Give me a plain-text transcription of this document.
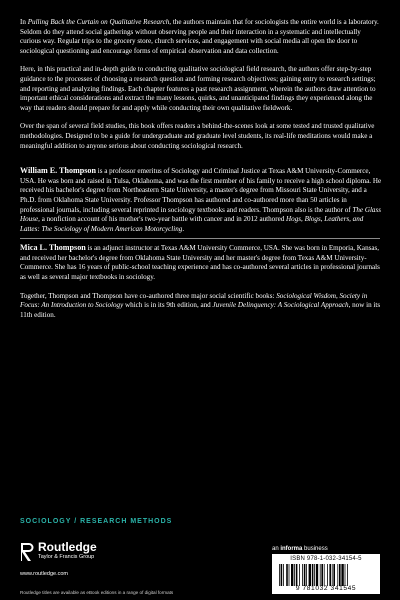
In Pulling Back the Curtain on Qualitative Research, the authors maintain that for sociologists the entire world is a laboratory. Seldom do they attend social gatherings without observing people and their interaction in a systematic and intellectually curious way. Regular trips to the grocery store, church services, and engagement with social media all open the door to sociological questioning and encourage forms of empirical observation and data collection.

Here, in this practical and in-depth guide to conducting qualitative sociological field research, the authors offer step-by-step guidance to the processes of choosing a research question and forming research objectives; gaining entry to research settings; and reporting and analyzing findings. Each chapter features a past research assignment, wherein the authors draw attention to important ethical considerations and extract the many lessons, quirks, and unanticipated findings they experienced along the way that readers should prepare for and apply while conducting their own qualitative fieldwork.

Over the span of several field studies, this book offers readers a behind-the-scenes look at some tested and trusted qualitative methodologies. Designed to be a guide for undergraduate and graduate level students, its real-life meditations would make a meaningful addition to anyone serious about conducting sociological research.

William E. Thompson is a professor emeritus of Sociology and Criminal Justice at Texas A&M University-Commerce, USA. He was born and raised in Tulsa, Oklahoma, and was the first member of his family to receive a high school diploma. He received his bachelor's degree from Northeastern State University, a master's degree from Missouri State University, and a Ph.D. from Oklahoma State University. Professor Thompson has authored and co-authored more than 50 articles in professional journals, including several reprinted in sociology textbooks and readers. Thompson also is the author of The Glass House, a nonfiction account of his mother's two-year battle with cancer and in 2012 authored Hogs, Blogs, Leathers, and Lattes: The Sociology of Modern American Motorcycling.

Mica L. Thompson is an adjunct instructor at Texas A&M University Commerce, USA. She was born in Emporia, Kansas, and received her bachelor's degree from Oklahoma State University and her master's degree from Texas A&M University-Commerce. She has 16 years of public-school teaching experience and has co-authored several articles in professional journals as well as several major textbooks in sociology.

Together, Thompson and Thompson have co-authored three major social scientific books: Sociological Wisdom, Society in Focus: An Introduction to Sociology which is in its 9th edition, and Juvenile Delinquency: A Sociological Approach, now in its 11th edition.

SOCIOLOGY / RESEARCH METHODS
Routledge
Taylor & Francis Group
www.routledge.com
Routledge titles are available as eBook editions in a range of digital formats
an informa business
ISBN 978-1-032-34154-5
9 781032 341545
